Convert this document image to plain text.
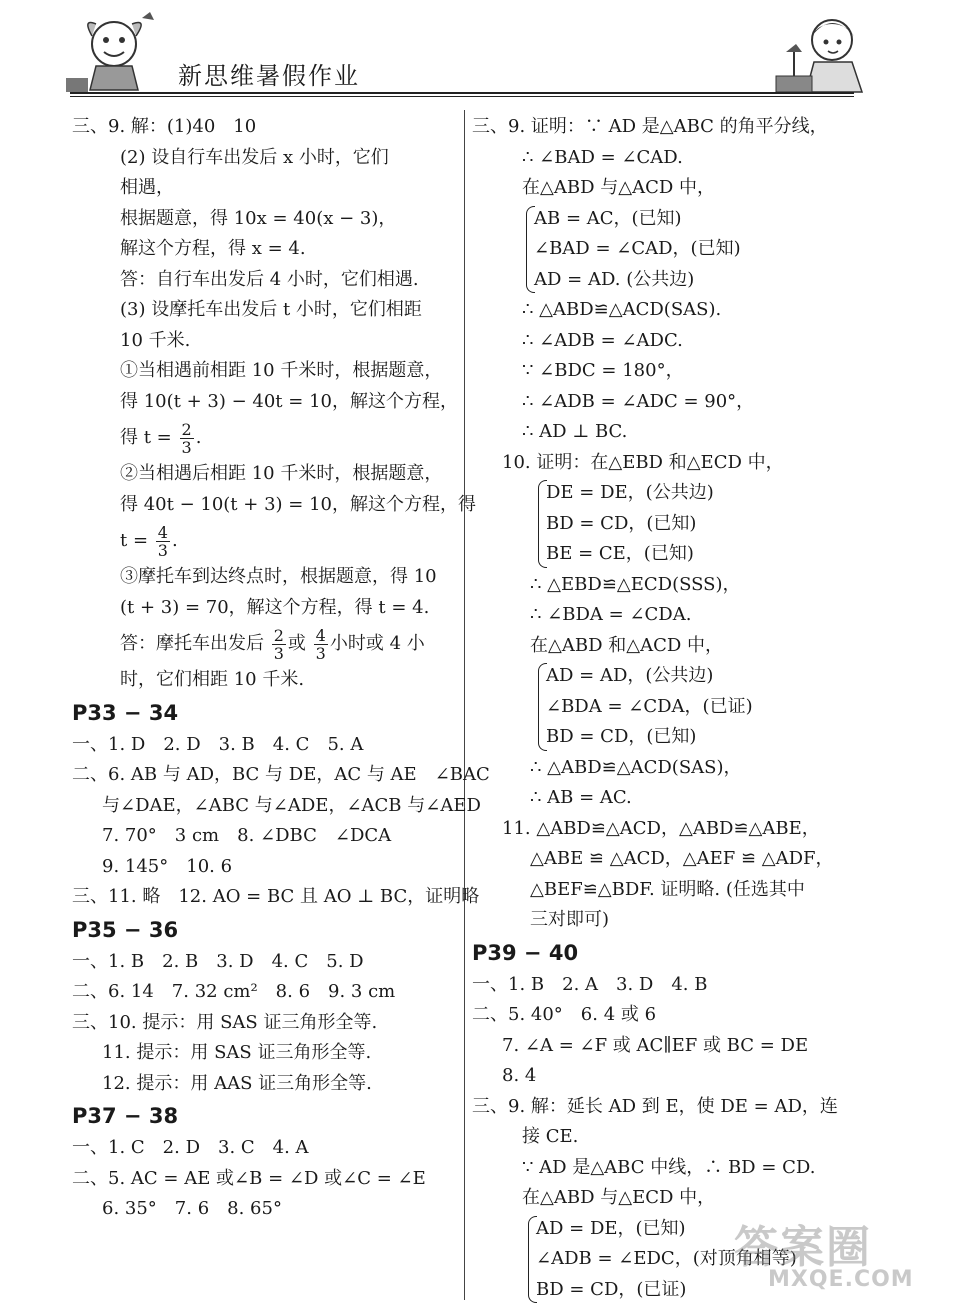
新思维暑假作业
三、9. 解：(1)40　10
(2) 设自行车出发后 x 小时，它们
相遇，
根据题意，得 10x = 40(x − 3)，
解这个方程，得 x = 4.
答：自行车出发后 4 小时，它们相遇.
(3) 设摩托车出发后 t 小时，它们相距
10 千米.
①当相遇前相距 10 千米时，根据题意，
得 10(t + 3) − 40t = 10，解这个方程，
得 $t = \frac{2}{3}$ .
②当相遇后相距 10 千米时，根据题意，
得 40t − 10(t + 3) = 10，解这个方程，得
$t = \frac{4}{3}$ .
③摩托车到达终点时，根据题意，得 10
(t + 3) = 70，解这个方程，得 t = 4.
答：摩托车出发后 $\frac{2}{3}$ 或 $\frac{4}{3}$ 小时或 4 小
时，它们相距 10 千米.
P33 − 34
一、1. D　2. D　3. B　4. C　5. A
二、6. AB 与 AD，BC 与 DE，AC 与 AE　∠BAC
与∠DAE，∠ABC 与∠ADE，∠ACB 与∠AED
7. 70°　3 cm　8. ∠DBC　∠DCA
9. 145°　10. 6
三、11. 略　12. AO = BC 且 AO ⊥ BC，证明略
P35 − 36
一、1. B　2. B　3. D　4. C　5. D
二、6. 14　7. 32 cm²　8. 6　9. 3 cm
三、10. 提示：用 SAS 证三角形全等.
11. 提示：用 SAS 证三角形全等.
12. 提示：用 AAS 证三角形全等.
P37 − 38
一、1. C　2. D　3. C　4. A
二、5. AC = AE 或∠B = ∠D 或∠C = ∠E
6. 35°　7. 6　8. 65°
三、9. 证明：∵ AD 是△ABC 的角平分线，
∴ ∠BAD = ∠CAD.
在△ABD 与△ACD 中，
AB = AC，(已知)
∠BAD = ∠CAD，(已知)
AD = AD. (公共边)
∴ △ABD≌△ACD(SAS).
∴ ∠ADB = ∠ADC.
∵ ∠BDC = 180°，
∴ ∠ADB = ∠ADC = 90°，
∴ AD ⊥ BC.
10. 证明：在△EBD 和△ECD 中，
DE = DE，(公共边)
BD = CD，(已知)
BE = CE，(已知)
∴ △EBD≌△ECD(SSS)，
∴ ∠BDA = ∠CDA.
在△ABD 和△ACD 中，
AD = AD，(公共边)
∠BDA = ∠CDA，(已证)
BD = CD，(已知)
∴ △ABD≌△ACD(SAS)，
∴ AB = AC.
11. △ABD≌△ACD，△ABD≌△ABE，
△ABE ≌ △ACD，△AEF ≌ △ADF，
△BEF≌△BDF. 证明略. (任选其中
三对即可)
P39 − 40
一、1. B　2. A　3. D　4. B
二、5. 40°　6. 4 或 6
7. ∠A = ∠F 或 AC∥EF 或 BC = DE
8. 4
三、9. 解：延长 AD 到 E，使 DE = AD，连
接 CE.
∵ AD 是△ABC 中线，∴ BD = CD.
在△ABD 与△ECD 中，
AD = DE，(已知)
∠ADB = ∠EDC，(对顶角相等)
BD = CD，(已证)
答案圈
MXQE.COM
